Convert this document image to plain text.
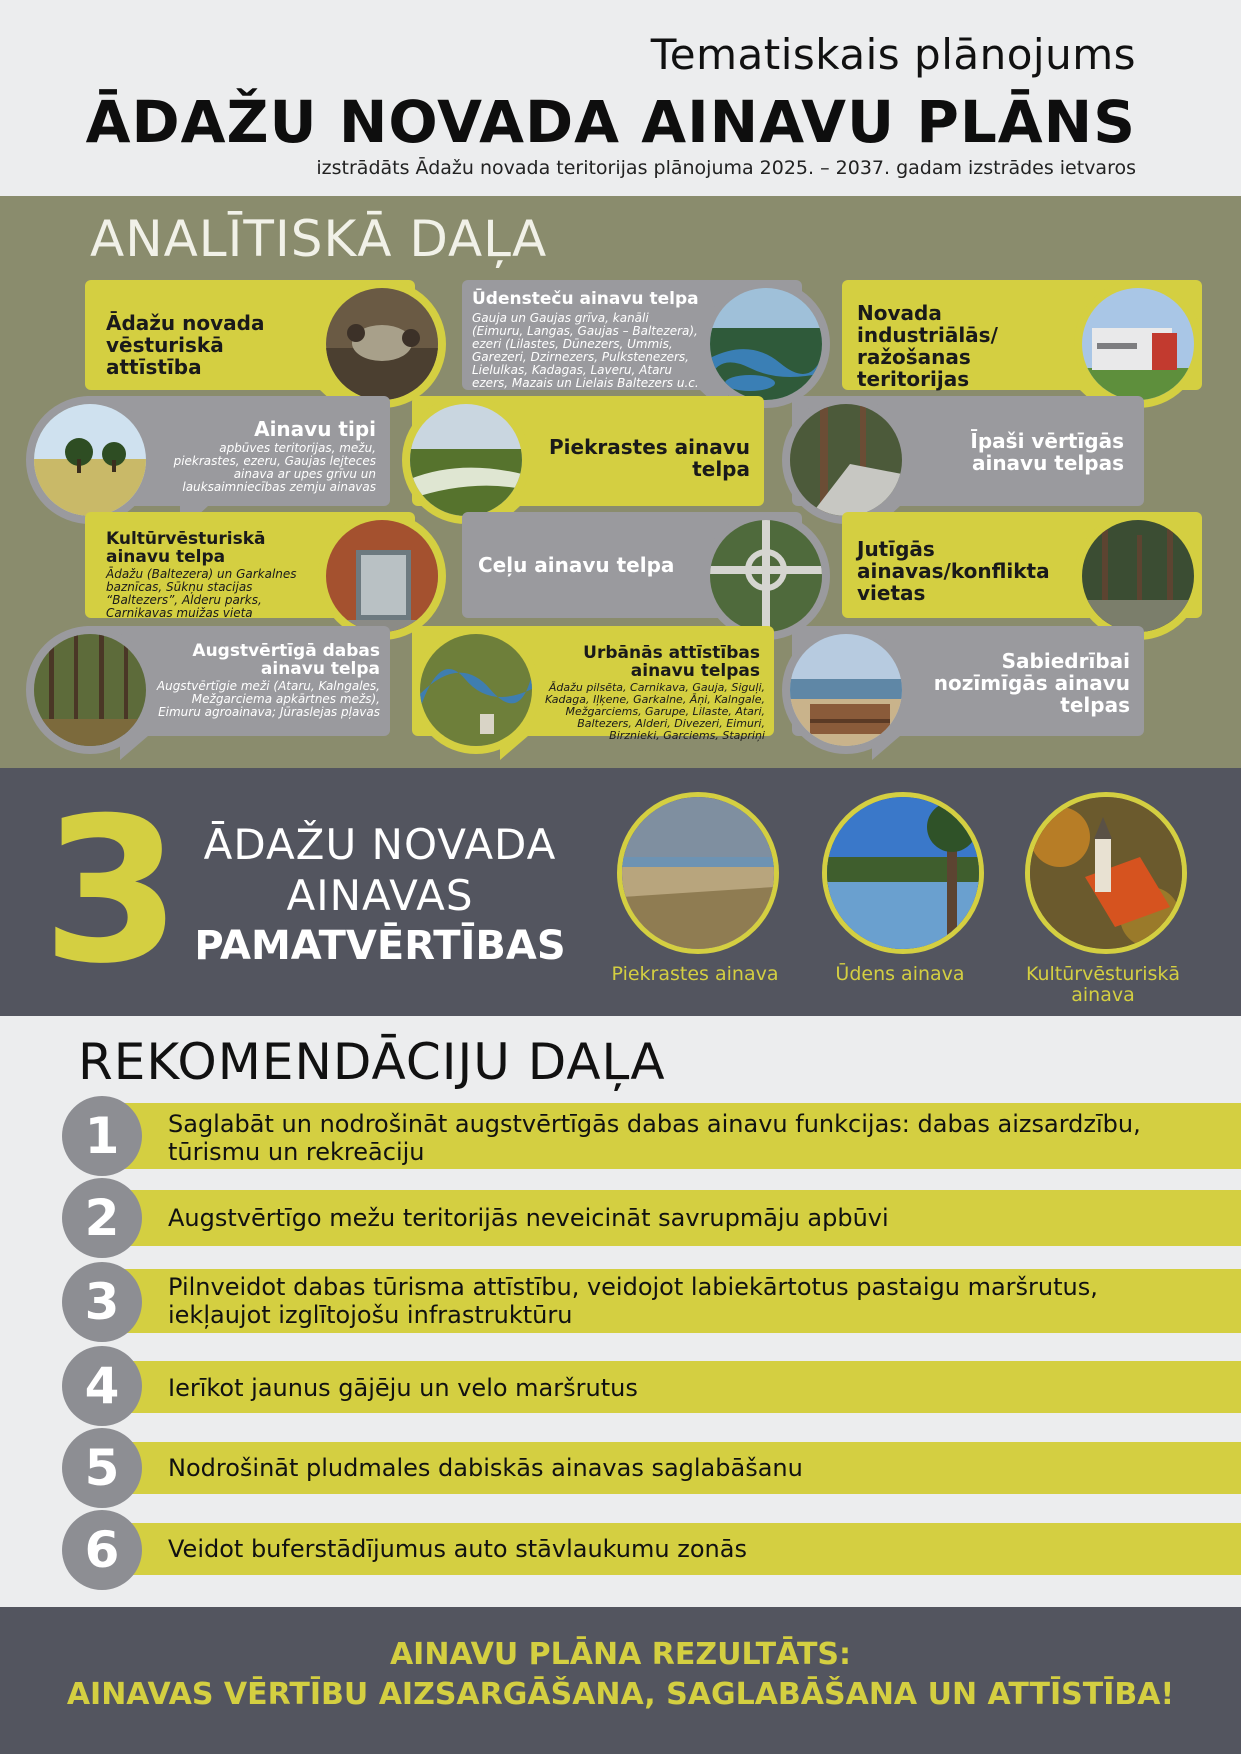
Tematiskais plānojums
ĀDAŽU NOVADA AINAVU PLĀNS
izstrādāts Ādažu novada teritorijas plānojuma 2025. – 2037. gadam izstrādes ietvaros
ANALĪTISKĀ DAĻA
Ādažu novada vēsturiskā attīstība
Ūdensteču ainavu telpa
Gauja un Gaujas grīva, kanāli (Eimuru, Langas, Gaujas – Baltezera), ezeri (Lilastes, Dūnezers, Ummis, Garezeri, Dzirnezers, Pulkstenezers, Lielulkas, Kadagas, Laveru, Ataru ezers, Mazais un Lielais Baltezers u.c.
Novada industriālās/ ražošanas teritorijas
Ainavu tipi
apbūves teritorijas, mežu, piekrastes, ezeru, Gaujas lejteces ainava ar upes grīvu un lauksaimniecības zemju ainavas
Piekrastes ainavu telpa
Īpaši vērtīgās ainavu telpas
Kultūrvēsturiskā ainavu telpa
Ādažu (Baltezera) un Garkalnes baznīcas, Sūkņu stacijas “Baltezers”, Alderu parks, Carnikavas muižas vieta
Ceļu ainavu telpa
Jutīgās ainavas/konflikta vietas
Augstvērtīgā dabas ainavu telpa
Augstvērtīgie meži (Ataru, Kalngales, Mežgarciema apkārtnes mežs), Eimuru agroainava; Jūraslejas pļavas
Urbānās attīstības ainavu telpas
Ādažu pilsēta, Carnikava, Gauja, Siguļi, Kadaga, Iļķene, Garkalne, Āņi, Kalngale, Mežgarciems, Garupe, Lilaste, Atari, Baltezers, Alderi, Divezeri, Eimuri, Birznieki, Garciems, Stapriņi
Sabiedrībai nozīmīgās ainavu telpas
3 ĀDAŽU NOVADA
AINAVAS
PAMATVĒRTĪBAS
Piekrastes ainava	Ūdens ainava	Kultūrvēsturiskā ainava
REKOMENDĀCIJU DAĻA
1	Saglabāt un nodrošināt augstvērtīgās dabas ainavu funkcijas: dabas aizsardzību, tūrismu un rekreāciju
2	Augstvērtīgo mežu teritorijās neveicināt savrupmāju apbūvi
3	Pilnveidot dabas tūrisma attīstību, veidojot labiekārtotus pastaigu maršrutus, iekļaujot izglītojošu infrastruktūru
4	Ierīkot jaunus gājēju un velo maršrutus
5	Nodrošināt pludmales dabiskās ainavas saglabāšanu
6	Veidot buferstādījumus auto stāvlaukumu zonās
AINAVU PLĀNA REZULTĀTS:
AINAVAS VĒRTĪBU AIZSARGĀŠANA, SAGLABĀŠANA UN ATTĪSTĪBA!
